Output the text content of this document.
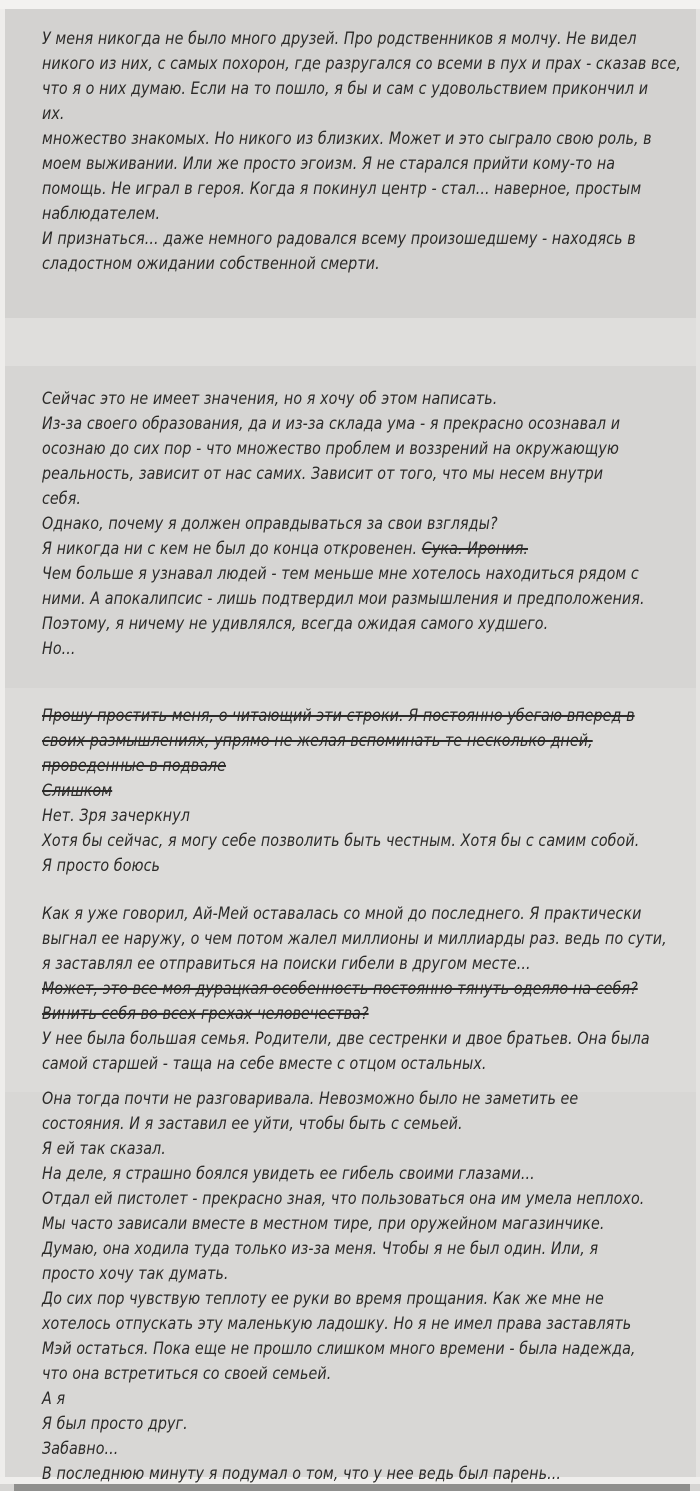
У меня никогда не было много друзей. Про родственников я молчу. Не видел
никого из них, с самых похорон, где разругался со всеми в пух и прах - сказав все,
что я о них думаю. Если на то пошло, я бы и сам с удовольствием прикончил и
их.
множество знакомых. Но никого из близких. Может и это сыграло свою роль, в
моем выживании. Или же просто эгоизм. Я не старался прийти кому-то на
помощь. Не играл в героя. Когда я покинул центр - стал... наверное, простым
наблюдателем.
И признаться... даже немного радовался всему произошедшему - находясь в
сладостном ожидании собственной смерти.
Сейчас это не имеет значения, но я хочу об этом написать.
Из-за своего образования, да и из-за склада ума - я прекрасно осознавал и
осознаю до сих пор - что множество проблем и воззрений на окружающую
реальность, зависит от нас самих. Зависит от того, что мы несем внутри
себя.
Однако, почему я должен оправдываться за свои взгляды?
Я никогда ни с кем не был до конца откровенен. Сука. Ирония.
Чем больше я узнавал людей - тем меньше мне хотелось находиться рядом с
ними. А апокалипсис - лишь подтвердил мои размышления и предположения.
Поэтому, я ничему не удивлялся, всегда ожидая самого худшего.
Но...
Прошу простить меня, о читающий эти строки. Я постоянно убегаю вперед в
своих размышлениях, упрямо не желая вспоминать те несколько дней,
проведенные в подвале
Слишком
Нет. Зря зачеркнул
Хотя бы сейчас, я могу себе позволить быть честным. Хотя бы с самим собой.
Я просто боюсь
Как я уже говорил, Ай-Мей оставалась со мной до последнего. Я практически
выгнал ее наружу, о чем потом жалел миллионы и миллиарды раз. ведь по сути,
я заставлял ее отправиться на поиски гибели в другом месте...
Может, это все моя дурацкая особенность постоянно тянуть одеяло на себя?
Винить себя во всех грехах человечества?
У нее была большая семья. Родители, две сестренки и двое братьев. Она была
самой старшей - таща на себе вместе с отцом остальных.
Она тогда почти не разговаривала. Невозможно было не заметить ее
состояния. И я заставил ее уйти, чтобы быть с семьей.
Я ей так сказал.
На деле, я страшно боялся увидеть ее гибель своими глазами...
Отдал ей пистолет - прекрасно зная, что пользоваться она им умела неплохо.
Мы часто зависали вместе в местном тире, при оружейном магазинчике.
Думаю, она ходила туда только из-за меня. Чтобы я не был один. Или, я
просто хочу так думать.
До сих пор чувствую теплоту ее руки во время прощания. Как же мне не
хотелось отпускать эту маленькую ладошку. Но я не имел права заставлять
Мэй остаться. Пока еще не прошло слишком много времени - была надежда,
что она встретиться со своей семьей.
А я
Я был просто друг.
Забавно...
В последнюю минуту я подумал о том, что у нее ведь был парень...
